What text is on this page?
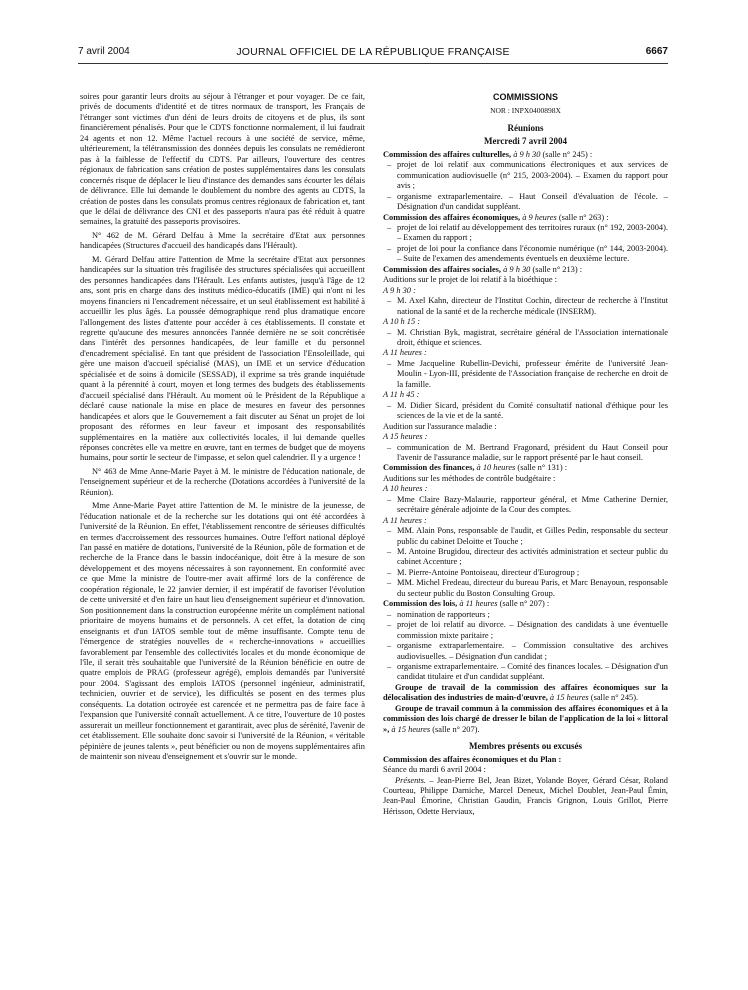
7 avril 2004	JOURNAL OFFICIEL DE LA RÉPUBLIQUE FRANÇAISE	6667

soires pour garantir leurs droits au séjour à l'étranger et pour voyager. De ce fait, privés de documents d'identité et de titres normaux de transport, les Français de l'étranger sont victimes d'un déni de leurs droits de citoyens et de plus, ils sont financièrement pénalisés. Pour que le CDTS fonctionne normalement, il lui faudrait 24 agents et non 12. Même l'actuel recours à une société de service, même, ultérieurement, la télétransmission des données depuis les consulats ne remédieront pas à la faiblesse de l'effectif du CDTS. Par ailleurs, l'ouverture des centres régionaux de fabrication sans création de postes supplémentaires dans les consulats concernés risque de déplacer le lieu d'instance des demandes sans écourter les délais de délivrance. Elle lui demande le doublement du nombre des agents au CDTS, la création de postes dans les consulats promus centres régionaux de fabrication et, tant que le délai de délivrance des CNI et des passeports n'aura pas été réduit à quatre semaines, la gratuité des passeports provisoires.

N° 462 de M. Gérard Delfau à Mme la secrétaire d'Etat aux personnes handicapées (Structures d'accueil des handicapés dans l'Hérault).

M. Gérard Delfau attire l'attention de Mme la secrétaire d'Etat aux personnes handicapées sur la situation très fragilisée des structures spécialisées qui accueillent des personnes handicapées dans l'Hérault. Les enfants autistes, jusqu'à l'âge de 12 ans, sont pris en charge dans des instituts médico-éducatifs (IME) qui n'ont ni les moyens financiers ni l'encadrement nécessaire, et un seul établissement est habilité à accueillir les plus âgés. La poussée démographique rend plus dramatique encore l'allongement des listes d'attente pour accéder à ces établissements. Il constate et regrette qu'aucune des mesures annoncées l'année dernière ne se soit concrétisée dans l'intérêt des personnes handicapées, de leur famille et du personnel d'encadrement spécialisé. En tant que président de l'association l'Ensoleillade, qui gère une maison d'accueil spécialisé (MAS), un IME et un service d'éducation spécialisée et de soins à domicile (SESSAD), il exprime sa très grande inquiétude quant à la pérennité à court, moyen et long termes des budgets des établissements d'accueil spécialisé dans l'Hérault. Au moment où le Président de la République a déclaré cause nationale la mise en place de mesures en faveur des personnes handicapées et alors que le Gouvernement a fait discuter au Sénat un projet de loi proposant des réformes en leur faveur et imposant des responsabilités supplémentaires en la matière aux collectivités locales, il lui demande quelles réponses concrètes elle va mettre en œuvre, tant en termes de budget que de moyens humains, pour sortir le secteur de l'impasse, et selon quel calendrier. Il y a urgence !

N° 463 de Mme Anne-Marie Payet à M. le ministre de l'éducation nationale, de l'enseignement supérieur et de la recherche (Dotations accordées à l'université de la Réunion).

Mme Anne-Marie Payet attire l'attention de M. le ministre de la jeunesse, de l'éducation nationale et de la recherche sur les dotations qui ont été accordées à l'université de la Réunion. En effet, l'établissement rencontre de sérieuses difficultés en termes d'accroissement des ressources humaines. Outre l'effort national déployé l'an passé en matière de dotations, l'université de la Réunion, pôle de formation et de recherche de la France dans le bassin indocéanique, doit être à la mesure de son développement et des moyens nécessaires à son rayonnement. En conformité avec ce que Mme la ministre de l'outre-mer avait affirmé lors de la conférence de coopération régionale, le 22 janvier dernier, il est impératif de favoriser l'évolution de cette université et d'en faire un haut lieu d'enseignement supérieur et d'innovation. Son positionnement dans la construction européenne mérite un complément national prioritaire de moyens humains et de personnels. A cet effet, la dotation de cinq enseignants et d'un IATOS semble tout de même insuffisante. Compte tenu de l'émergence de stratégies nouvelles de « recherche-innovations » accueillies favorablement par l'ensemble des collectivités locales et du monde économique de l'île, il serait très souhaitable que l'université de la Réunion bénéficie en outre de quatre emplois de PRAG (professeur agrégé), emplois demandés par l'université pour 2004. S'agissant des emplois IATOS (personnel ingénieur, administratif, technicien, ouvrier et de service), les difficultés se posent en des termes plus conséquents. La dotation octroyée est carencée et ne permettra pas de faire face à l'expansion que l'université connaît actuellement. A ce titre, l'ouverture de 10 postes assurerait un meilleur fonctionnement et garantirait, avec plus de sérénité, l'avenir de cet établissement. Elle souhaite donc savoir si l'université de la Réunion, « véritable pépinière de jeunes talents », peut bénéficier ou non de moyens supplémentaires afin de maintenir son niveau d'enseignement et s'ouvrir sur le monde.

COMMISSIONS
NOR : INPX0400898X
Réunions
Mercredi 7 avril 2004

Commission des affaires culturelles, à 9 h 30 (salle n° 245) :

– projet de loi relatif aux communications électroniques et aux services de communication audiovisuelle (n° 215, 2003-2004). – Examen du rapport pour avis ;
– organisme extraparlementaire. – Haut Conseil d'évaluation de l'école. – Désignation d'un candidat suppléant.

Commission des affaires économiques, à 9 heures (salle n° 263) :

– projet de loi relatif au développement des territoires ruraux (n° 192, 2003-2004). – Examen du rapport ;
– projet de loi pour la confiance dans l'économie numérique (n° 144, 2003-2004). – Suite de l'examen des amendements éventuels en deuxième lecture.

Commission des affaires sociales, à 9 h 30 (salle n° 213) :

Auditions sur le projet de loi relatif à la bioéthique :

A 9 h 30 :

– M. Axel Kahn, directeur de l'Institut Cochin, directeur de recherche à l'Institut national de la santé et de la recherche médicale (INSERM).

A 10 h 15 :

– M. Christian Byk, magistrat, secrétaire général de l'Association internationale droit, éthique et sciences.

A 11 heures :

– Mme Jacqueline Rubellin-Devichi, professeur émérite de l'université Jean-Moulin - Lyon-III, présidente de l'Association française de recherche en droit de la famille.

A 11 h 45 :

– M. Didier Sicard, président du Comité consultatif national d'éthique pour les sciences de la vie et de la santé.

Audition sur l'assurance maladie :

A 15 heures :

– communication de M. Bertrand Fragonard, président du Haut Conseil pour l'avenir de l'assurance maladie, sur le rapport présenté par le haut conseil.

Commission des finances, à 10 heures (salle n° 131) :

Auditions sur les méthodes de contrôle budgétaire :

A 10 heures :

– Mme Claire Bazy-Malaurie, rapporteur général, et Mme Catherine Dernier, secrétaire générale adjointe de la Cour des comptes.

A 11 heures :

– MM. Alain Pons, responsable de l'audit, et Gilles Pedin, responsable du secteur public du cabinet Deloitte et Touche ;
– M. Antoine Brugidou, directeur des activités administration et secteur public du cabinet Accenture ;
– M. Pierre-Antoine Pontoiseau, directeur d'Eurogroup ;
– MM. Michel Fredeau, directeur du bureau Paris, et Marc Benayoun, responsable du secteur public du Boston Consulting Group.

Commission des lois, à 11 heures (salle n° 207) :

– nomination de rapporteurs ;
– projet de loi relatif au divorce. – Désignation des candidats à une éventuelle commission mixte paritaire ;
– organisme extraparlementaire. – Commission consultative des archives audiovisuelles. – Désignation d'un candidat ;
– organisme extraparlementaire. – Comité des finances locales. – Désignation d'un candidat titulaire et d'un candidat suppléant.

Groupe de travail de la commission des affaires économiques sur la délocalisation des industries de main-d'œuvre, à 15 heures (salle n° 245).

Groupe de travail commun à la commission des affaires économiques et à la commission des lois chargé de dresser le bilan de l'application de la loi « littoral », à 15 heures (salle n° 207).

Membres présents ou excusés

Commission des affaires économiques et du Plan :

Séance du mardi 6 avril 2004 :

Présents. – Jean-Pierre Bel, Jean Bizet, Yolande Boyer, Gérard César, Roland Courteau, Philippe Darniche, Marcel Deneux, Michel Doublet, Jean-Paul Émin, Jean-Paul Émorine, Christian Gaudin, Francis Grignon, Louis Grillot, Pierre Hérisson, Odette Herviaux,
